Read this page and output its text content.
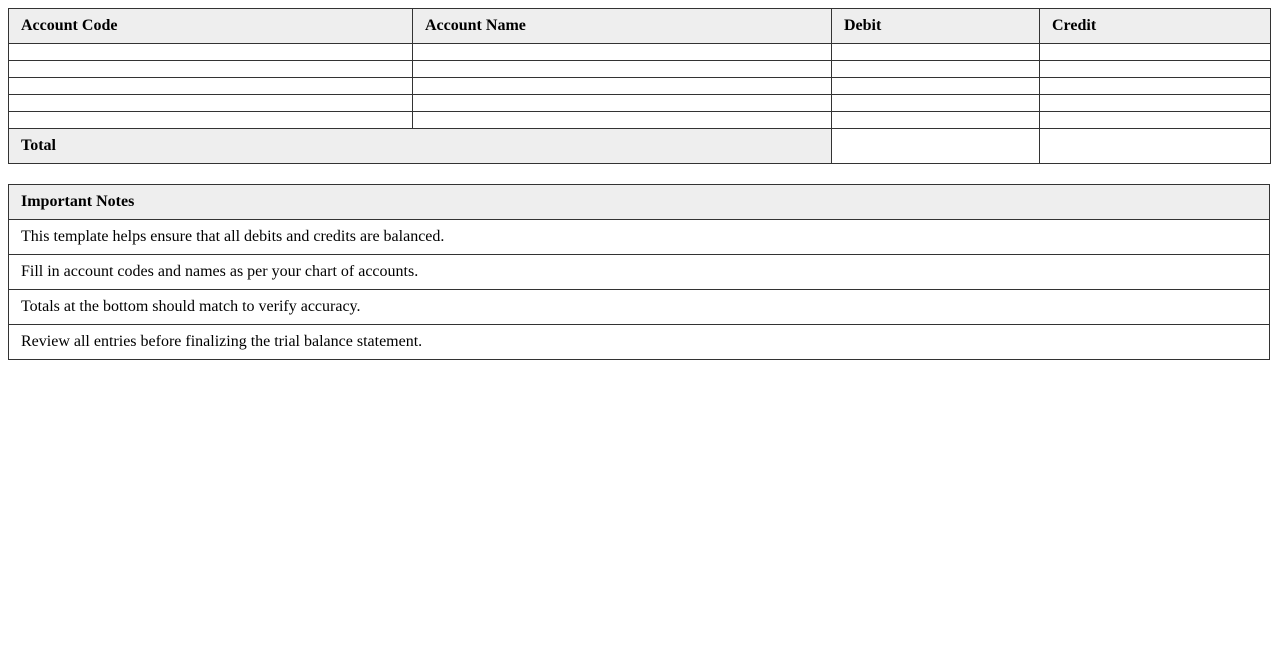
Account Code	Account Name	Debit	Credit

Total			
Important Notes
This template helps ensure that all debits and credits are balanced.
Fill in account codes and names as per your chart of accounts.
Totals at the bottom should match to verify accuracy.
Review all entries before finalizing the trial balance statement.
